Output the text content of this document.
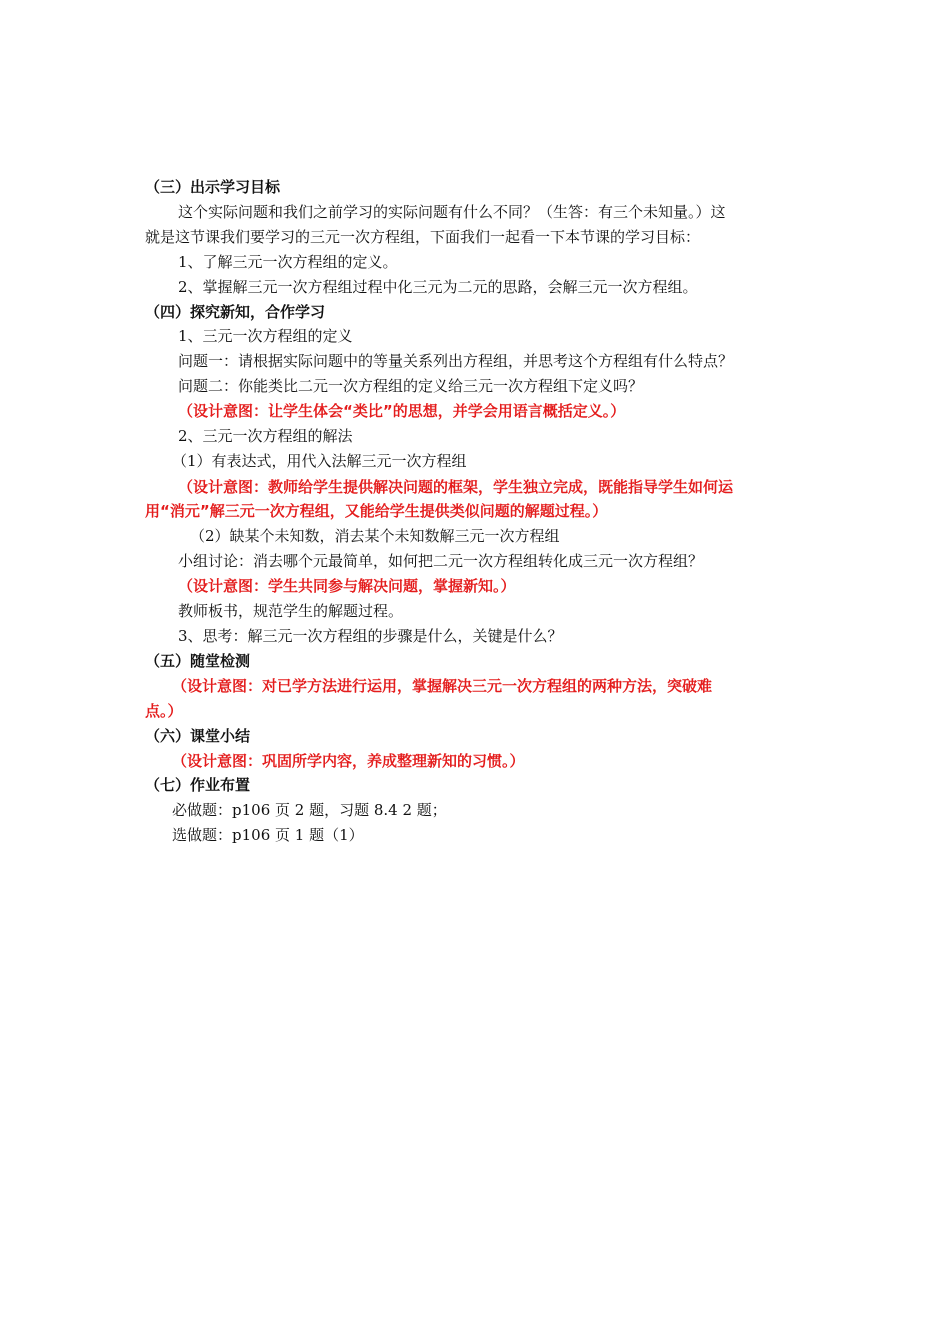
（三）出示学习目标

这个实际问题和我们之前学习的实际问题有什么不同？（生答：有三个未知量。）这

就是这节课我们要学习的三元一次方程组，下面我们一起看一下本节课的学习目标：

1、了解三元一次方程组的定义。

2、掌握解三元一次方程组过程中化三元为二元的思路，会解三元一次方程组。

（四）探究新知，合作学习

1、三元一次方程组的定义

问题一：请根据实际问题中的等量关系列出方程组，并思考这个方程组有什么特点？

问题二：你能类比二元一次方程组的定义给三元一次方程组下定义吗？

（设计意图：让学生体会“类比”的思想，并学会用语言概括定义。）

2、三元一次方程组的解法

（1）有表达式，用代入法解三元一次方程组

（设计意图：教师给学生提供解决问题的框架，学生独立完成，既能指导学生如何运

用“消元”解三元一次方程组，又能给学生提供类似问题的解题过程。）

（2）缺某个未知数，消去某个未知数解三元一次方程组

小组讨论：消去哪个元最简单，如何把二元一次方程组转化成三元一次方程组？

（设计意图：学生共同参与解决问题，掌握新知。）

教师板书，规范学生的解题过程。

3、思考：解三元一次方程组的步骤是什么，关键是什么？

（五）随堂检测

（设计意图：对已学方法进行运用，掌握解决三元一次方程组的两种方法，突破难

点。）

（六）课堂小结

（设计意图：巩固所学内容，养成整理新知的习惯。）

（七）作业布置

必做题：p106 页 2 题，习题 8.4 2 题；

选做题：p106 页 1 题（1）
